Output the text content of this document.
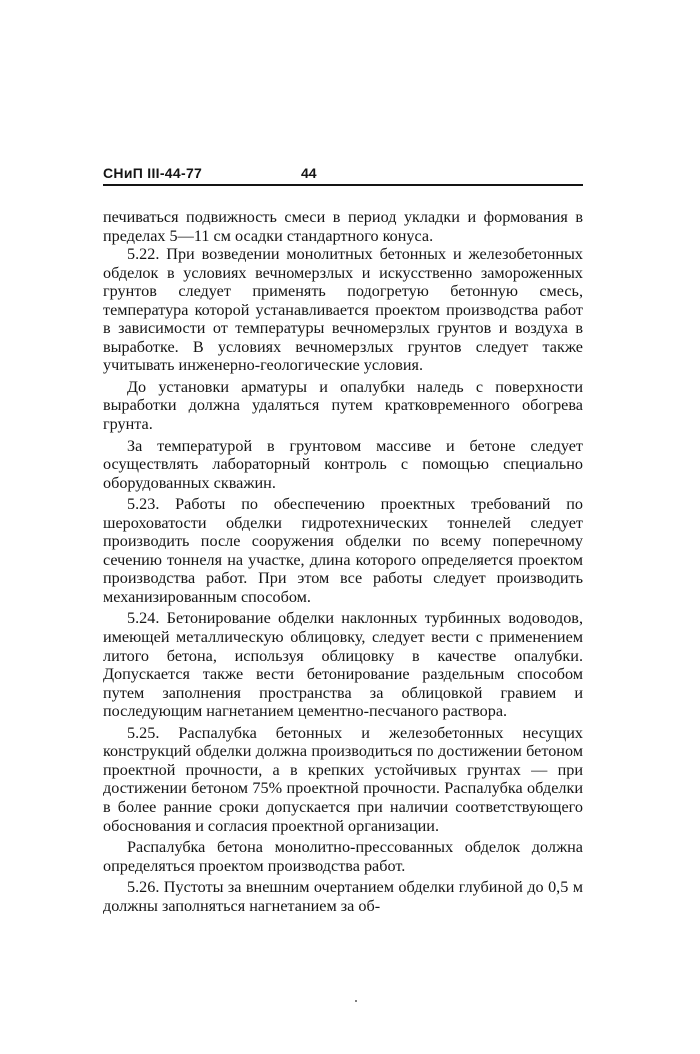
СНиП III-44-77	44

печиваться подвижность смеси в период укладки и формования в пределах 5—11 см осадки стандартного конуса.

5.22. При возведении монолитных бетонных и железобетонных обделок в условиях вечномерзлых и искусственно замороженных грунтов следует применять подогретую бетонную смесь, температура которой устанавливается проектом производства работ в зависимости от температуры вечномерзлых грунтов и воздуха в выработке. В условиях вечномерзлых грунтов следует также учитывать инженерно-геологические условия.

До установки арматуры и опалубки наледь с поверхности выработки должна удаляться путем кратковременного обогрева грунта.

За температурой в грунтовом массиве и бетоне следует осуществлять лабораторный контроль с помощью специально оборудованных скважин.

5.23. Работы по обеспечению проектных требований по шероховатости обделки гидротехнических тоннелей следует производить после сооружения обделки по всему поперечному сечению тоннеля на участке, длина которого определяется проектом производства работ. При этом все работы следует производить механизированным способом.

5.24. Бетонирование обделки наклонных турбинных водоводов, имеющей металлическую облицовку, следует вести с применением литого бетона, используя облицовку в качестве опалубки. Допускается также вести бетонирование раздельным способом путем заполнения пространства за облицовкой гравием и последующим нагнетанием цементно-песчаного раствора.

5.25. Распалубка бетонных и железобетонных несущих конструкций обделки должна производиться по достижении бетоном проектной прочности, а в крепких устойчивых грунтах — при достижении бетоном 75% проектной прочности. Распалубка обделки в более ранние сроки допускается при наличии соответствующего обоснования и согласия проектной организации.

Распалубка бетона монолитно-прессованных обделок должна определяться проектом производства работ.

5.26. Пустоты за внешним очертанием обделки глубиной до 0,5 м должны заполняться нагнетанием за об-
